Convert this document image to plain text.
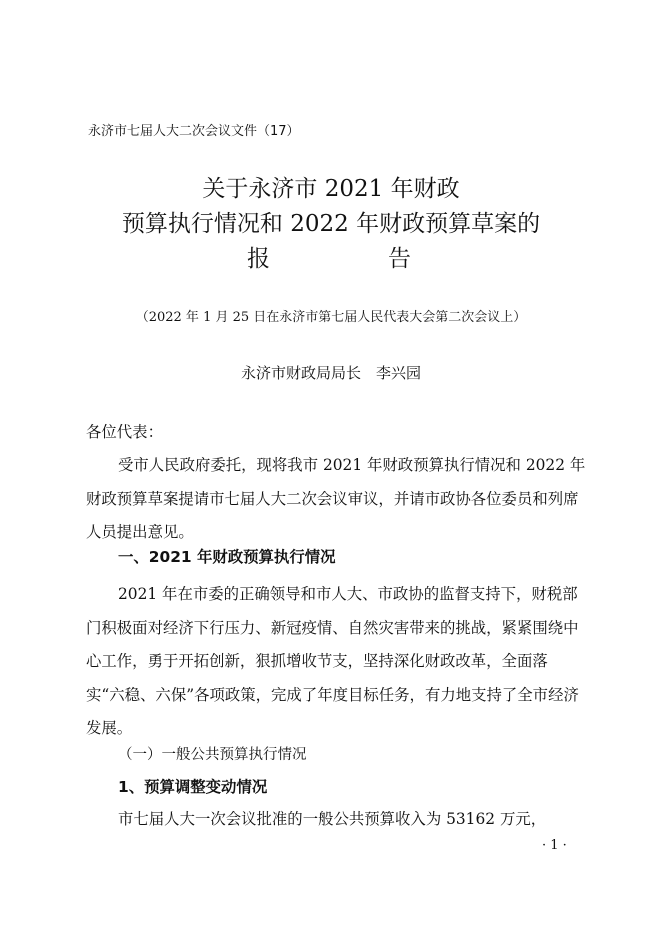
永济市七届人大二次会议文件（17）
关于永济市 2021 年财政
预算执行情况和 2022 年财政预算草案的
报	告
（2022 年 1 月 25 日在永济市第七届人民代表大会第二次会议上）
永济市财政局局长　李兴园
各位代表：
受市人民政府委托，现将我市 2021 年财政预算执行情况和 2022 年财政预算草案提请市七届人大二次会议审议，并请市政协各位委员和列席人员提出意见。
一、2021 年财政预算执行情况
2021 年在市委的正确领导和市人大、市政协的监督支持下，财税部门积极面对经济下行压力、新冠疫情、自然灾害带来的挑战，紧紧围绕中心工作，勇于开拓创新，狠抓增收节支，坚持深化财政改革，全面落实“六稳、六保”各项政策，完成了年度目标任务，有力地支持了全市经济发展。
（一）一般公共预算执行情况
1、预算调整变动情况
市七届人大一次会议批准的一般公共预算收入为 53162 万元，
· 1 ·
